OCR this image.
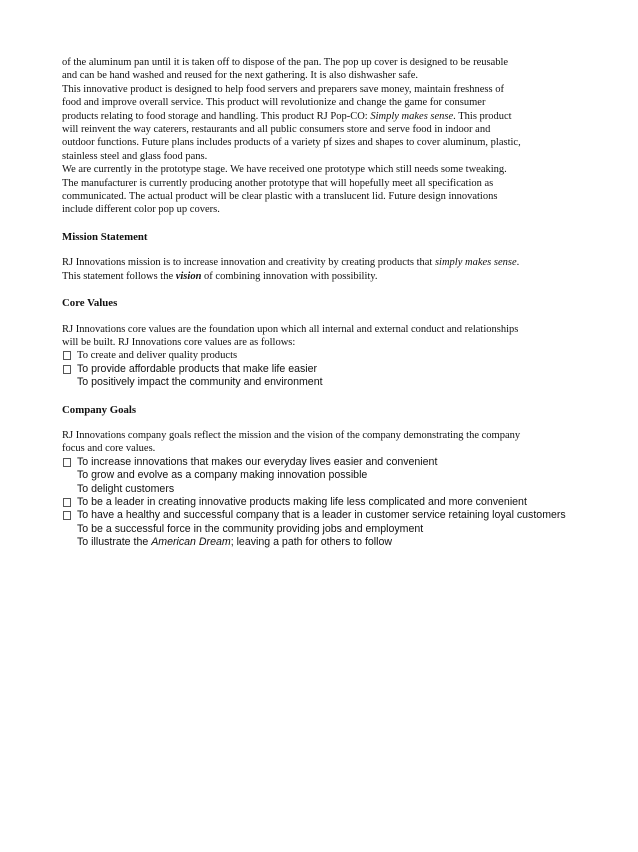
of the aluminum pan until it is taken off to dispose of the pan. The pop up cover is designed to be reusable
and can be hand washed and reused for the next gathering. It is also dishwasher safe.
This innovative product is designed to help food servers and preparers save money, maintain freshness of
food and improve overall service. This product will revolutionize and change the game for consumer
products relating to food storage and handling. This product RJ Pop-CO: Simply makes sense. This product
will reinvent the way caterers, restaurants and all public consumers store and serve food in indoor and
outdoor functions. Future plans includes products of a variety pf sizes and shapes to cover aluminum, plastic,
stainless steel and glass food pans.
We are currently in the prototype stage. We have received one prototype which still needs some tweaking.
The manufacturer is currently producing another prototype that will hopefully meet all specification as
communicated. The actual product will be clear plastic with a translucent lid. Future design innovations
include different color pop up covers.

Mission Statement

RJ Innovations mission is to increase innovation and creativity by creating products that simply makes sense.
This statement follows the vision of combining innovation with possibility.

Core Values

RJ Innovations core values are the foundation upon which all internal and external conduct and relationships
will be built. RJ Innovations core values are as follows:

To create and deliver quality products
To provide affordable products that make life easier
To positively impact the community and environment

Company Goals

RJ Innovations company goals reflect the mission and the vision of the company demonstrating the company
focus and core values.

To increase innovations that makes our everyday lives easier and convenient
To grow and evolve as a company making innovation possible
To delight customers
To be a leader in creating innovative products making life less complicated and more convenient
To have a healthy and successful company that is a leader in customer service retaining loyal customers
To be a successful force in the community providing jobs and employment
To illustrate the American Dream; leaving a path for others to follow
